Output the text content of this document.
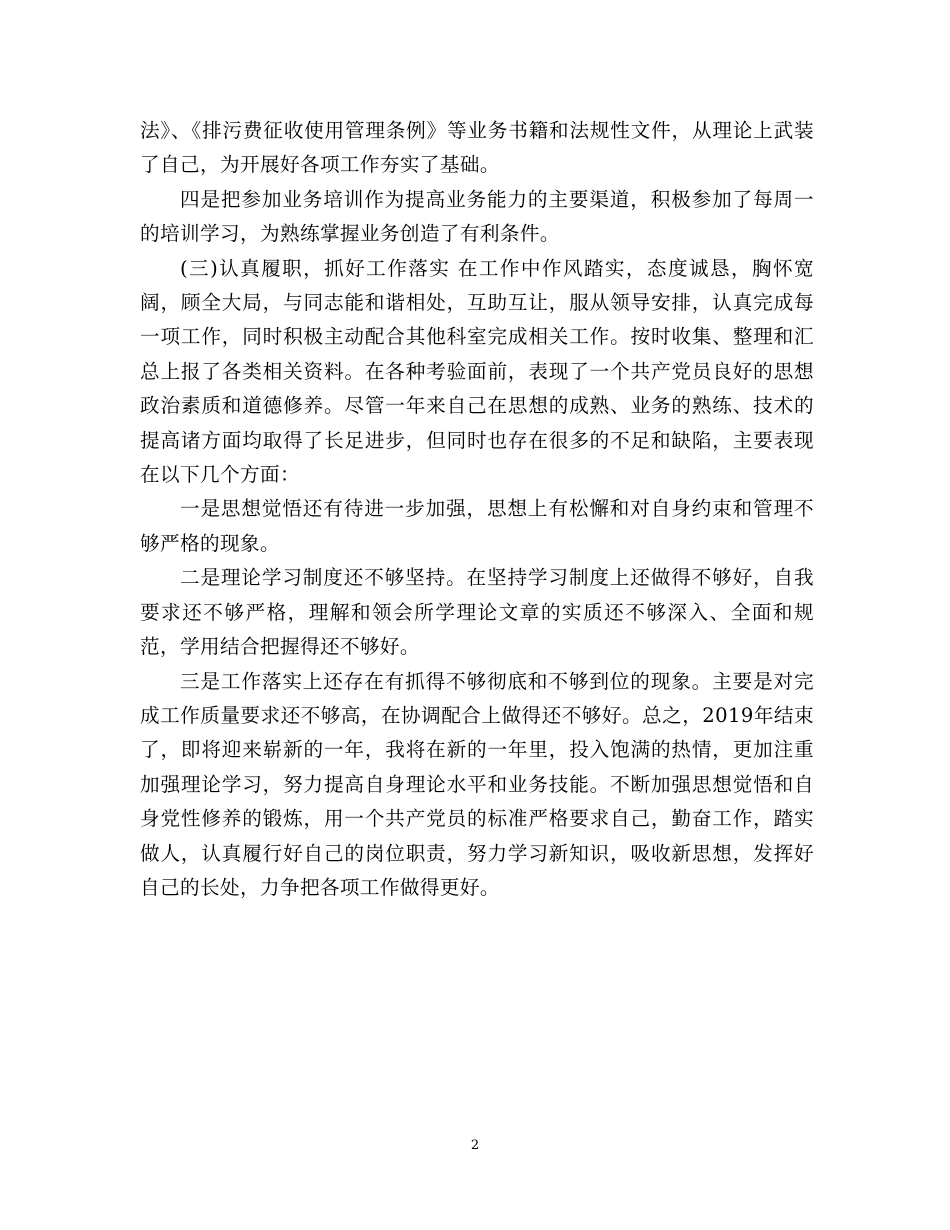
法》、《排污费征收使用管理条例》等业务书籍和法规性文件，从理论上武装了自己，为开展好各项工作夯实了基础。

四是把参加业务培训作为提高业务能力的主要渠道，积极参加了每周一的培训学习，为熟练掌握业务创造了有利条件。

(三)认真履职，抓好工作落实 在工作中作风踏实，态度诚恳，胸怀宽阔，顾全大局，与同志能和谐相处，互助互让，服从领导安排，认真完成每一项工作，同时积极主动配合其他科室完成相关工作。按时收集、整理和汇总上报了各类相关资料。在各种考验面前，表现了一个共产党员良好的思想政治素质和道德修养。尽管一年来自己在思想的成熟、业务的熟练、技术的提高诸方面均取得了长足进步，但同时也存在很多的不足和缺陷，主要表现在以下几个方面：

一是思想觉悟还有待进一步加强，思想上有松懈和对自身约束和管理不够严格的现象。

二是理论学习制度还不够坚持。在坚持学习制度上还做得不够好，自我要求还不够严格，理解和领会所学理论文章的实质还不够深入、全面和规范，学用结合把握得还不够好。

三是工作落实上还存在有抓得不够彻底和不够到位的现象。主要是对完成工作质量要求还不够高，在协调配合上做得还不够好。总之，2019年结束了，即将迎来崭新的一年，我将在新的一年里，投入饱满的热情，更加注重加强理论学习，努力提高自身理论水平和业务技能。不断加强思想觉悟和自身党性修养的锻炼，用一个共产党员的标准严格要求自己，勤奋工作，踏实做人，认真履行好自己的岗位职责，努力学习新知识，吸收新思想，发挥好自己的长处，力争把各项工作做得更好。

2
